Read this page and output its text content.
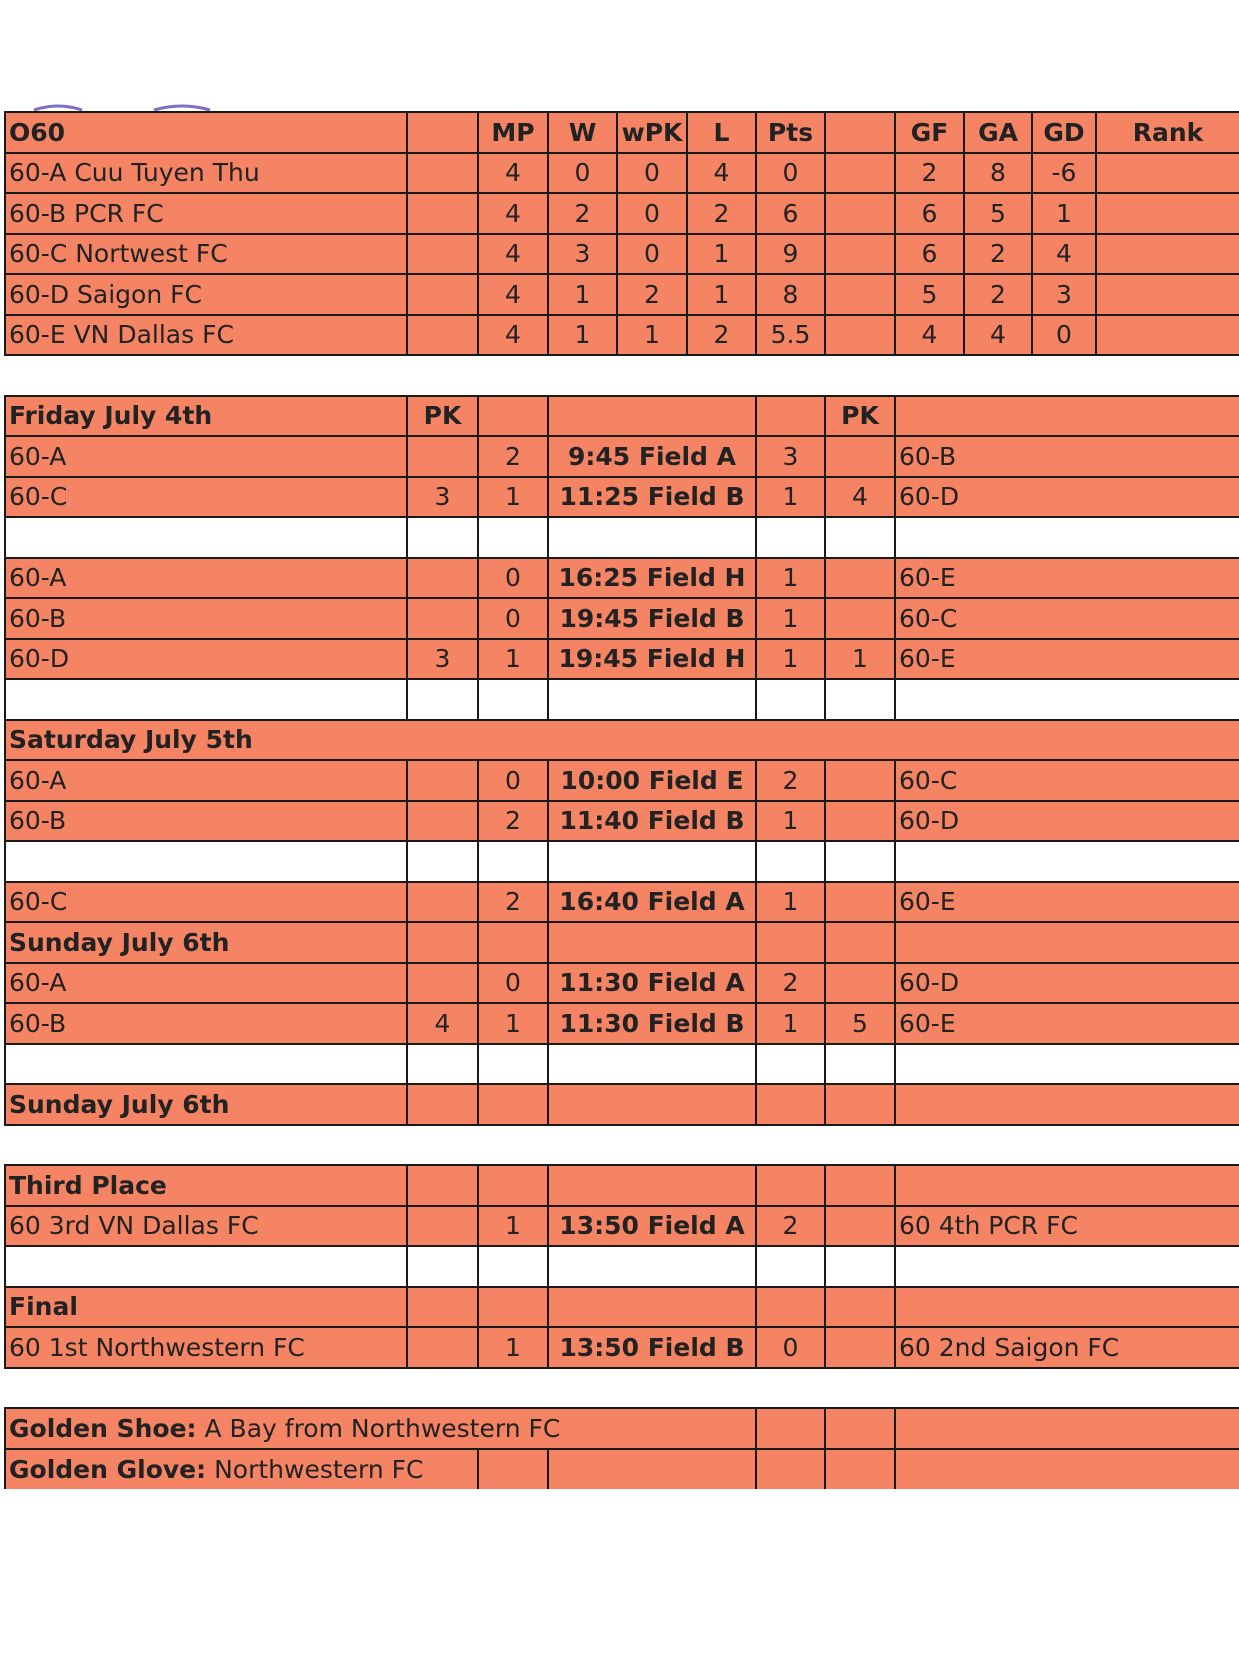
O60		MP	W	wPK	L	Pts		GF	GA	GD	Rank
60-A Cuu Tuyen Thu		4	0	0	4	0		2	8	-6	
60-B PCR FC		4	2	0	2	6		6	5	1	
60-C Nortwest FC		4	3	0	1	9		6	2	4	
60-D Saigon FC		4	1	2	1	8		5	2	3	
60-E VN Dallas FC		4	1	1	2	5.5		4	4	0	

Friday July 4th	PK						PK				
60-A		2	9:45 Field A			3		60-B			
60-C	3	1	11:25 Field B			1	4	60-D			

60-A		0	16:25 Field H			1		60-E			
60-B		0	19:45 Field B			1		60-C			
60-D	3	1	19:45 Field H			1	1	60-E			

Saturday July 5th											
60-A		0	10:00 Field E			2		60-C			
60-B		2	11:40 Field B			1		60-D			

60-C		2	16:40 Field A			1		60-E			
Sunday July 6th											
60-A		0	11:30 Field A			2		60-D			
60-B	4	1	11:30 Field B			1	5	60-E			

Sunday July 6th											

Third Place											
60 3rd VN Dallas FC		1	13:50 Field A			2		60 4th PCR FC			

Final											
60 1st Northwestern FC		1	13:50 Field B			0		60 2nd Saigon FC			

Golden Shoe: A Bay from Northwestern FC											
Golden Glove: Northwestern FC											
